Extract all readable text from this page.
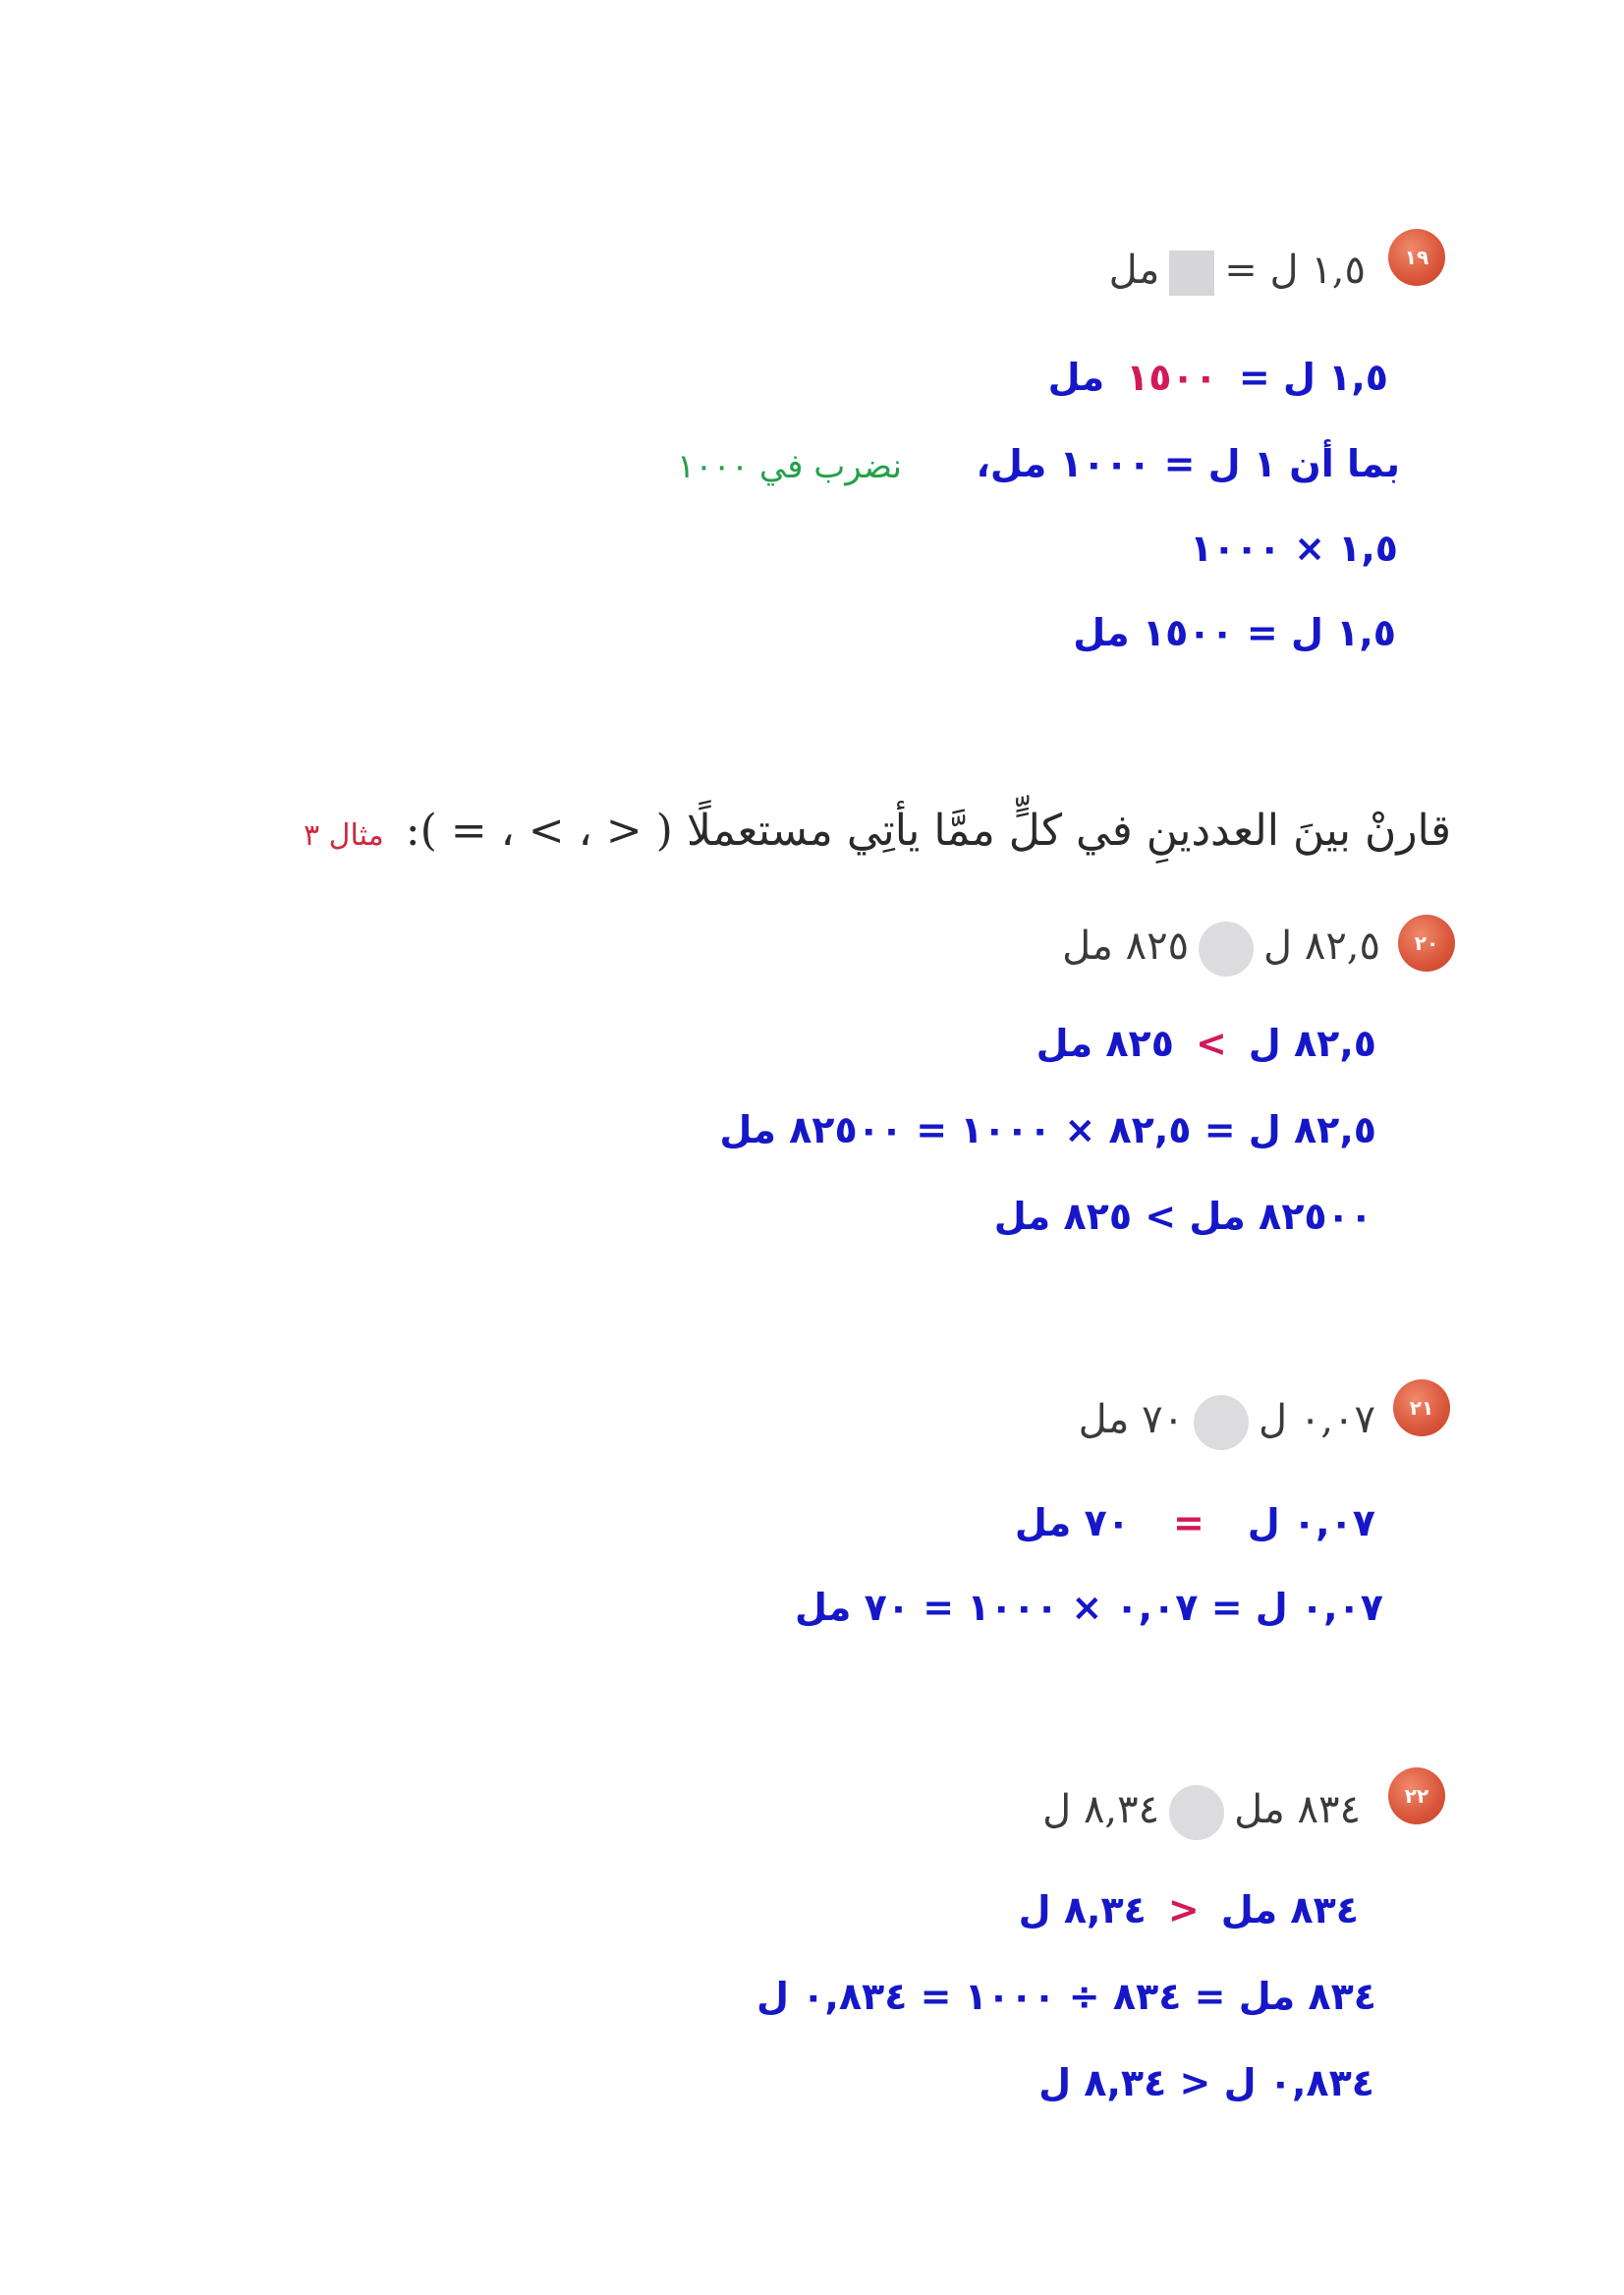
١٩
١,٥ ل =مل
١,٥ ل =١٥٠٠مل
بما أن ١ ل = ١٠٠٠ مل،
نضرب في ١٠٠٠
١,٥ × ١٠٠٠
١,٥ ل = ١٥٠٠ مل
قارنْ بينَ العددينِ في كلٍّ ممَّا يأتِي مستعملًا ( < ، > ، = ):مثال ٣
٢٠
٨٢,٥ ل٨٢٥ مل
٨٢,٥ ل>٨٢٥ مل
٨٢,٥ ل = ٨٢,٥ × ١٠٠٠ = ٨٢٥٠٠ مل
٨٢٥٠٠ مل > ٨٢٥ مل
٢١
٠,٠٧ ل٧٠ مل
٠,٠٧ ل=٧٠ مل
٠,٠٧ ل = ٠,٠٧ × ١٠٠٠ = ٧٠ مل
٢٢
٨٣٤ مل٨,٣٤ ل
٨٣٤ مل<٨,٣٤ ل
٨٣٤ مل = ٨٣٤ ÷ ١٠٠٠ = ٠,٨٣٤ ل
٠,٨٣٤ ل < ٨,٣٤ ل
